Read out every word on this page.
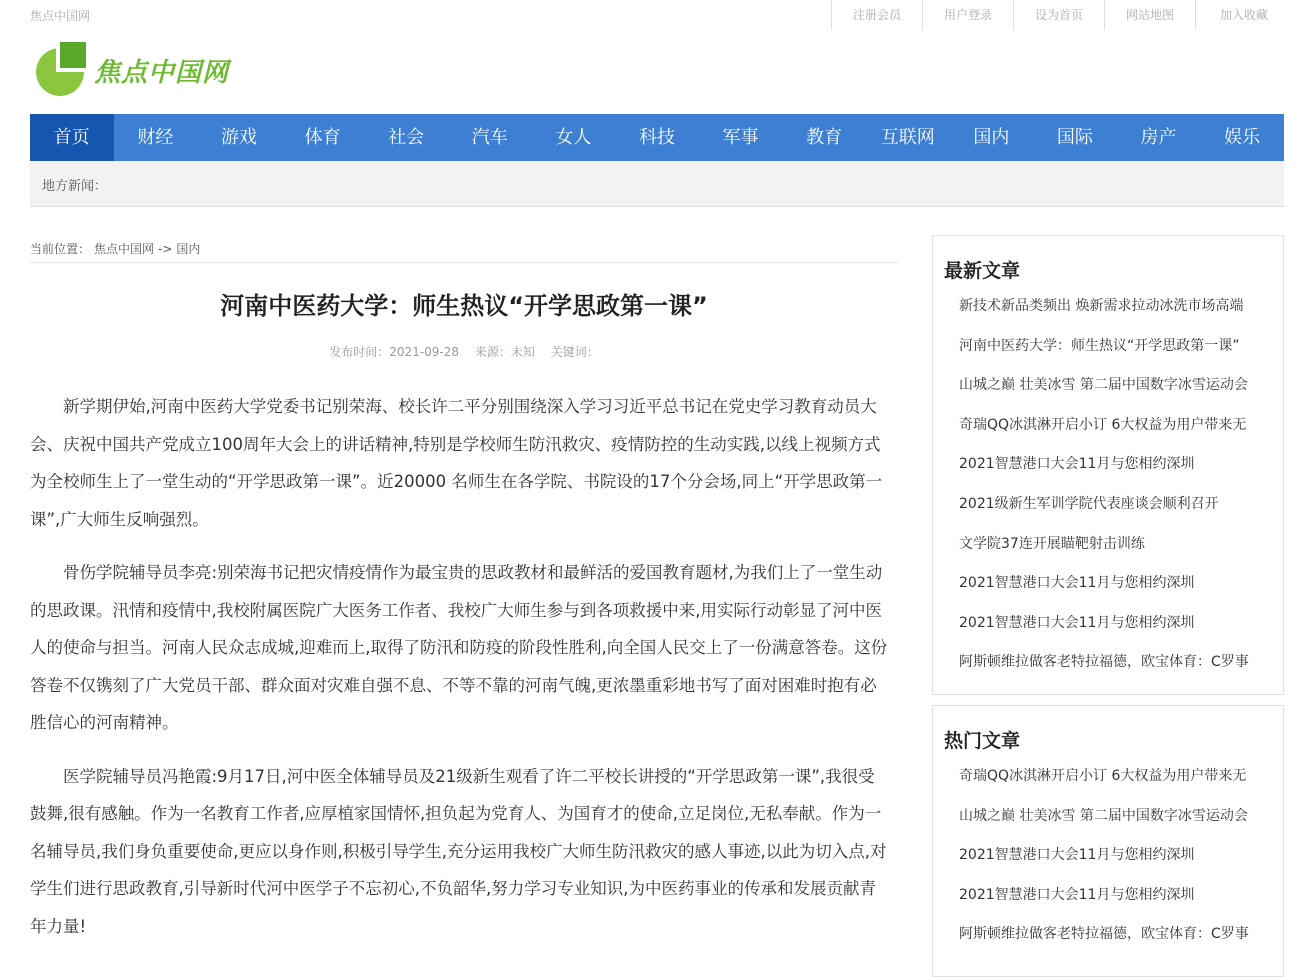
焦点中国网	注册会员	用户登录	设为首页	网站地图	加入收藏
焦点中国网
首页	财经	游戏	体育	社会	汽车	女人	科技	军事	教育	互联网	国内	国际	房产	娱乐
地方新闻：
当前位置： 焦点中国网 -> 国内
河南中医药大学：师生热议“开学思政第一课”
发布时间：2021-09-28 来源：未知 关键词：

新学期伊始,河南中医药大学党委书记别荣海、校长许二平分别围绕深入学习习近平总书记在党史学习教育动员大会、庆祝中国共产党成立100周年大会上的讲话精神,特别是学校师生防汛救灾、疫情防控的生动实践,以线上视频方式为全校师生上了一堂生动的“开学思政第一课”。近20000 名师生在各学院、书院设的17个分会场,同上“开学思政第一课”,广大师生反响强烈。

骨伤学院辅导员李亮:别荣海书记把灾情疫情作为最宝贵的思政教材和最鲜活的爱国教育题材,为我们上了一堂生动的思政课。汛情和疫情中,我校附属医院广大医务工作者、我校广大师生参与到各项救援中来,用实际行动彰显了河中医人的使命与担当。河南人民众志成城,迎难而上,取得了防汛和防疫的阶段性胜利,向全国人民交上了一份满意答卷。这份答卷不仅镌刻了广大党员干部、群众面对灾难自强不息、不等不靠的河南气魄,更浓墨重彩地书写了面对困难时抱有必胜信心的河南精神。

医学院辅导员冯艳霞:9月17日,河中医全体辅导员及21级新生观看了许二平校长讲授的“开学思政第一课”,我很受鼓舞,很有感触。作为一名教育工作者,应厚植家国情怀,担负起为党育人、为国育才的使命,立足岗位,无私奉献。作为一名辅导员,我们身负重要使命,更应以身作则,积极引导学生,充分运用我校广大师生防汛救灾的感人事迹,以此为切入点,对学生们进行思政教育,引导新时代河中医学子不忘初心,不负韶华,努力学习专业知识,为中医药事业的传承和发展贡献青年力量!

最新文章
新技术新品类频出 焕新需求拉动冰洗市场高端
河南中医药大学：师生热议“开学思政第一课”
山城之巅 壮美冰雪 第二届中国数字冰雪运动会
奇瑞QQ冰淇淋开启小订 6大权益为用户带来无
2021智慧港口大会11月与您相约深圳
2021级新生军训学院代表座谈会顺利召开
文学院37连开展瞄靶射击训练
2021智慧港口大会11月与您相约深圳
2021智慧港口大会11月与您相约深圳
阿斯顿维拉做客老特拉福德，欧宝体育：C罗事
热门文章
奇瑞QQ冰淇淋开启小订 6大权益为用户带来无
山城之巅 壮美冰雪 第二届中国数字冰雪运动会
2021智慧港口大会11月与您相约深圳
2021智慧港口大会11月与您相约深圳
阿斯顿维拉做客老特拉福德，欧宝体育：C罗事
